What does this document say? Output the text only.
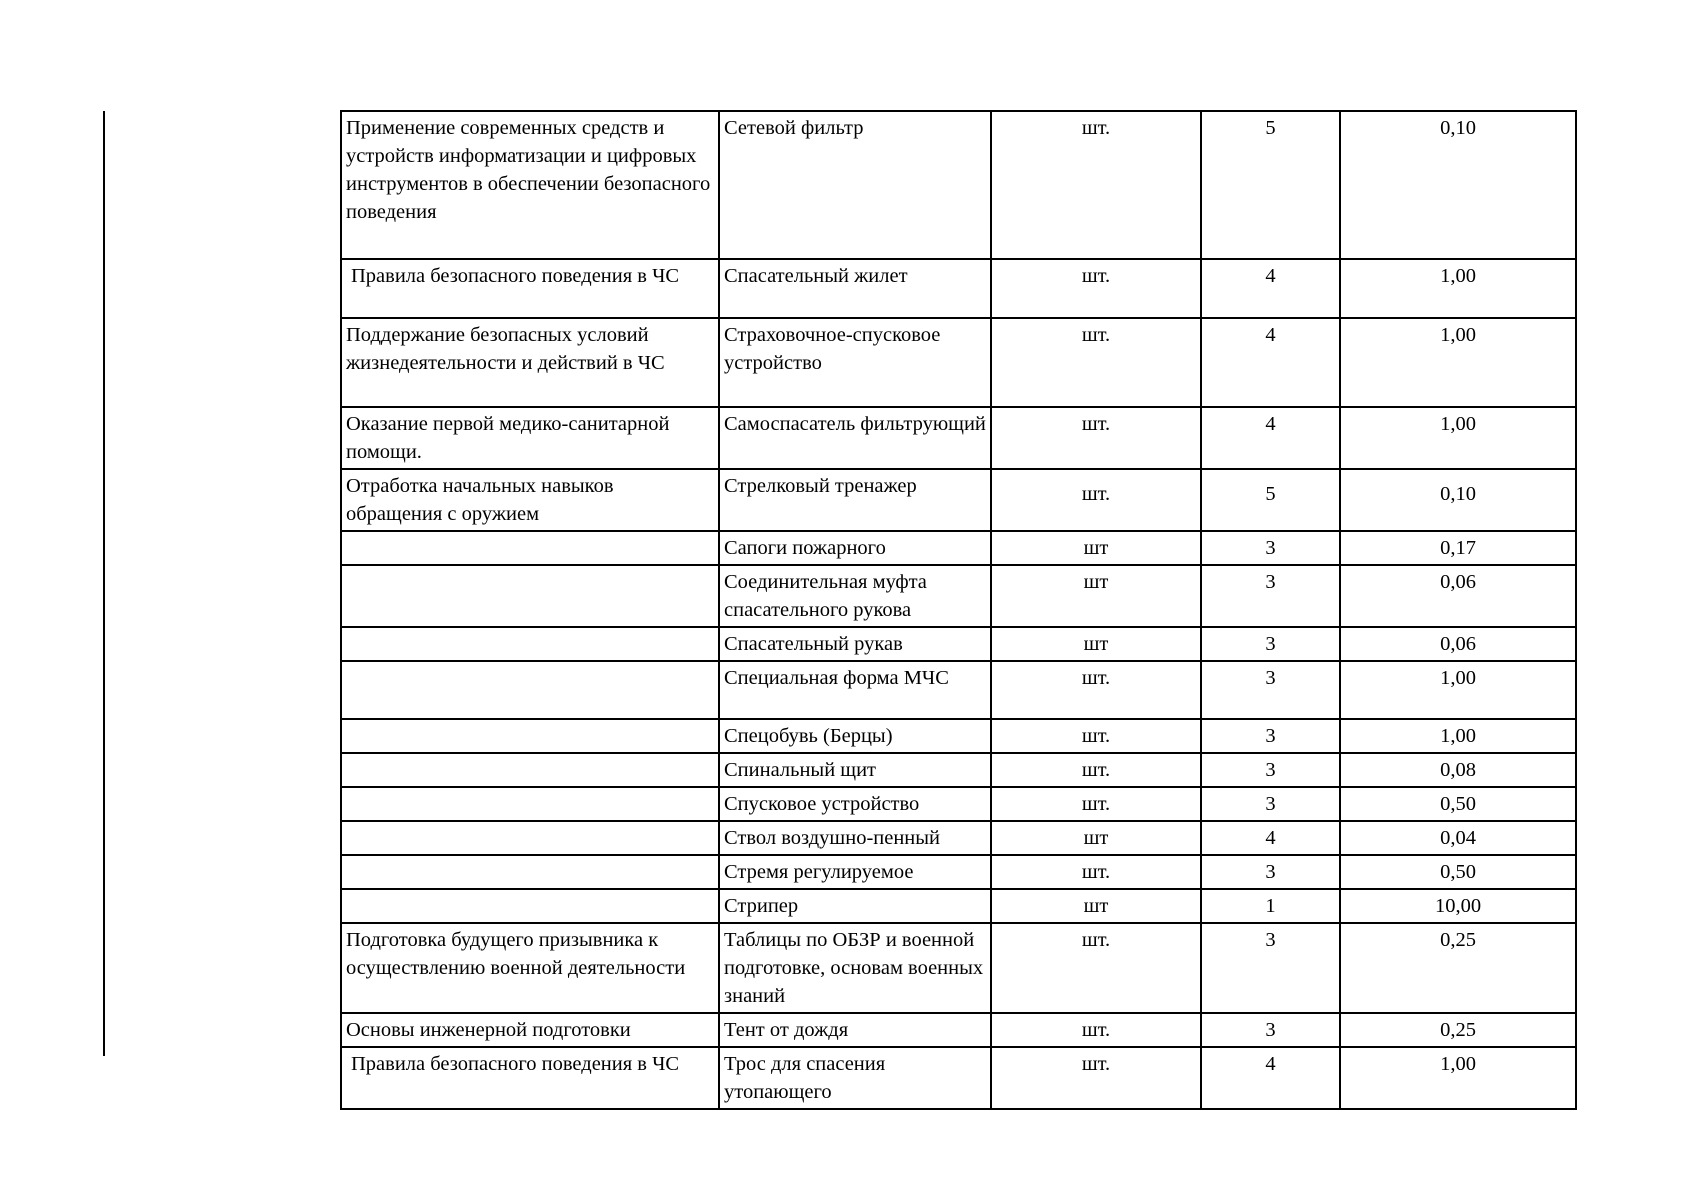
Применение современных средств и устройств информатизации и цифровых инструментов в обеспечении безопасного поведения	Сетевой фильтр	шт.	5	0,10
Правила безопасного поведения в ЧС	Спасательный жилет	шт.	4	1,00
Поддержание безопасных условий жизнедеятельности и действий в ЧС	Страховочное-спусковое устройство	шт.	4	1,00
Оказание первой медико-санитарной помощи.	Самоспасатель фильтрующий	шт.	4	1,00
Отработка начальных навыков обращения с оружием	Стрелковый тренажер	шт.	5	0,10
	Сапоги пожарного	шт	3	0,17
	Соединительная муфта спасательного рукова	шт	3	0,06
	Спасательный рукав	шт	3	0,06
	Специальная форма МЧС	шт.	3	1,00
	Спецобувь (Берцы)	шт.	3	1,00
	Спинальный щит	шт.	3	0,08
	Спусковое устройство	шт.	3	0,50
	Ствол воздушно-пенный	шт	4	0,04
	Стремя регулируемое	шт.	3	0,50
	Стрипер	шт	1	10,00
Подготовка будущего призывника к осуществлению военной деятельности	Таблицы по ОБЗР и военной подготовке, основам военных знаний	шт.	3	0,25
Основы инженерной подготовки	Тент от дождя	шт.	3	0,25
Правила безопасного поведения в ЧС	Трос для спасения утопающего	шт.	4	1,00
